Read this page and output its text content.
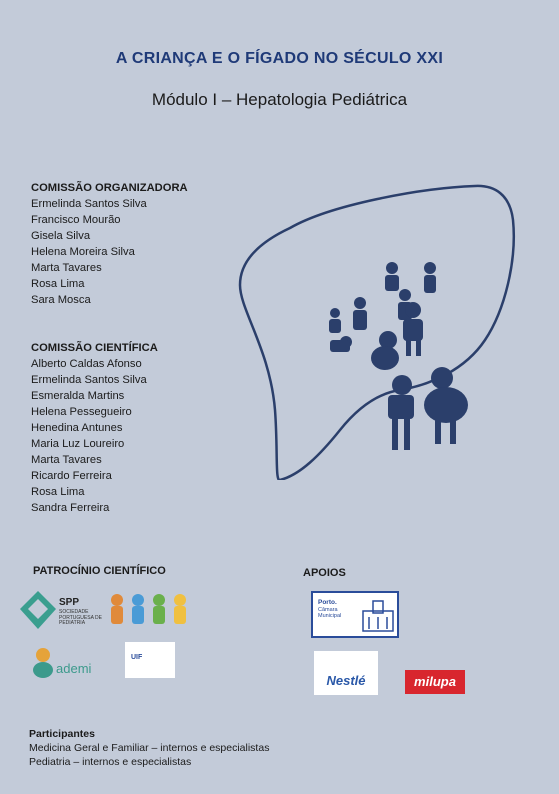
A CRIANÇA E O FÍGADO NO SÉCULO XXI
Módulo I – Hepatologia Pediátrica
COMISSÃO ORGANIZADORA
Ermelinda Santos Silva
Francisco Mourão
Gisela Silva
Helena Moreira Silva
Marta Tavares
Rosa Lima
Sara Mosca
COMISSÃO CIENTÍFICA
Alberto Caldas Afonso
Ermelinda Santos Silva
Esmeralda Martins
Helena Pessegueiro
Henedina Antunes
Maria Luz Loureiro
Marta Tavares
Ricardo Ferreira
Rosa Lima
Sandra Ferreira
PATROCÍNIO CIENTÍFICO	APOIOS
SPP
SOCIEDADE PORTUGUESA DE PEDIATRIA
ademi
UIF
Porto.
Câmara Municipal
Nestlé	milupa
Participantes
Medicina Geral e Familiar – internos e especialistas
Pediatria – internos e especialistas
